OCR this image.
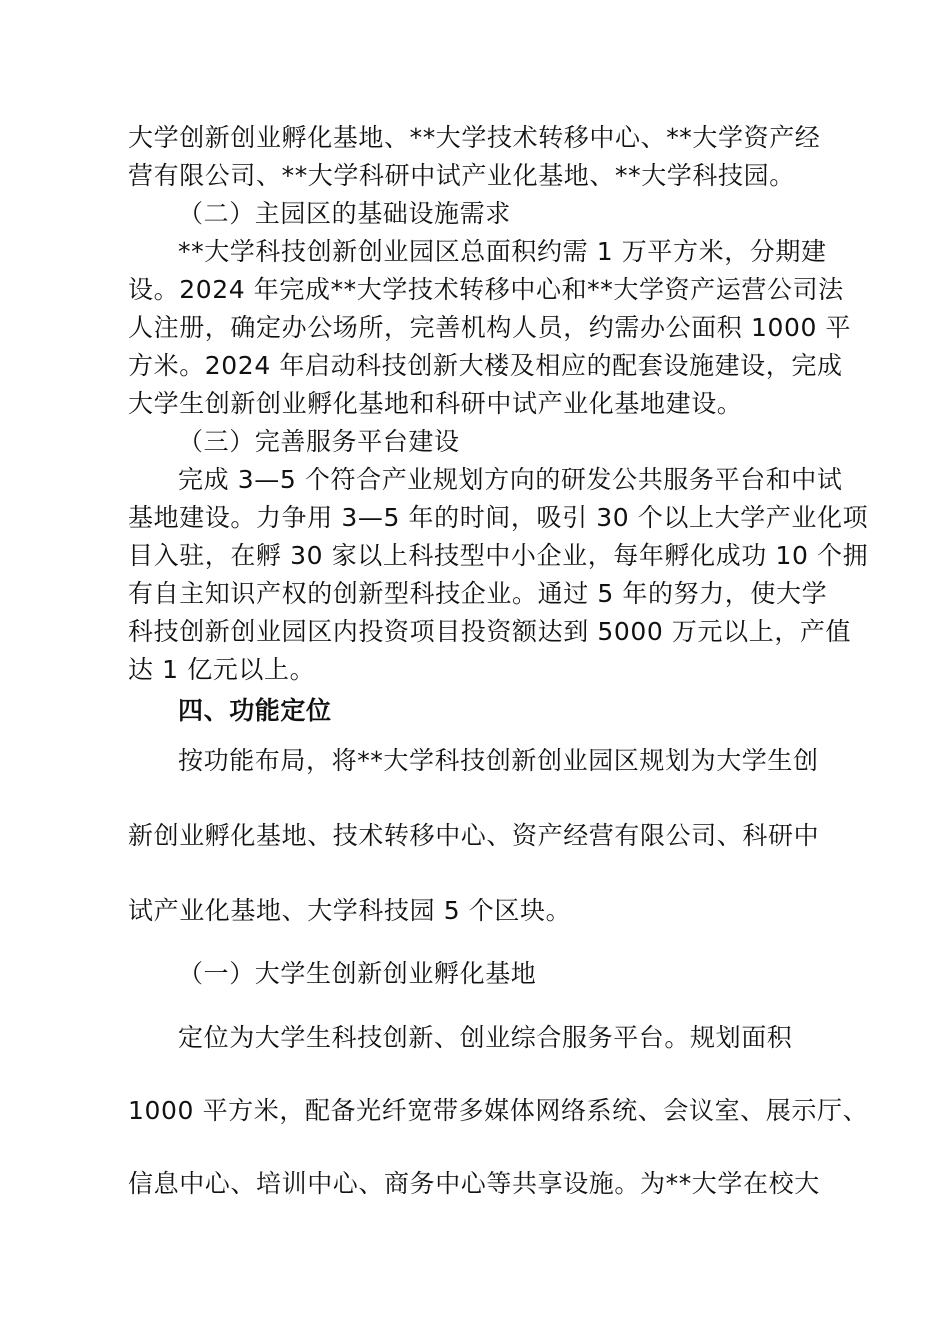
大学创新创业孵化基地、**大学技术转移中心、**大学资产经
营有限公司、**大学科研中试产业化基地、**大学科技园。
（二）主园区的基础设施需求
**大学科技创新创业园区总面积约需 1 万平方米，分期建
设。2024 年完成**大学技术转移中心和**大学资产运营公司法
人注册，确定办公场所，完善机构人员，约需办公面积 1000 平
方米。2024 年启动科技创新大楼及相应的配套设施建设，完成
大学生创新创业孵化基地和科研中试产业化基地建设。
（三）完善服务平台建设
完成 3—5 个符合产业规划方向的研发公共服务平台和中试
基地建设。力争用 3—5 年的时间，吸引 30 个以上大学产业化项
目入驻，在孵 30 家以上科技型中小企业，每年孵化成功 10 个拥
有自主知识产权的创新型科技企业。通过 5 年的努力，使大学
科技创新创业园区内投资项目投资额达到 5000 万元以上，产值
达 1 亿元以上。
四、功能定位
按功能布局，将**大学科技创新创业园区规划为大学生创
新创业孵化基地、技术转移中心、资产经营有限公司、科研中
试产业化基地、大学科技园 5 个区块。
（一）大学生创新创业孵化基地
定位为大学生科技创新、创业综合服务平台。规划面积
1000 平方米，配备光纤宽带多媒体网络系统、会议室、展示厅、
信息中心、培训中心、商务中心等共享设施。为**大学在校大
